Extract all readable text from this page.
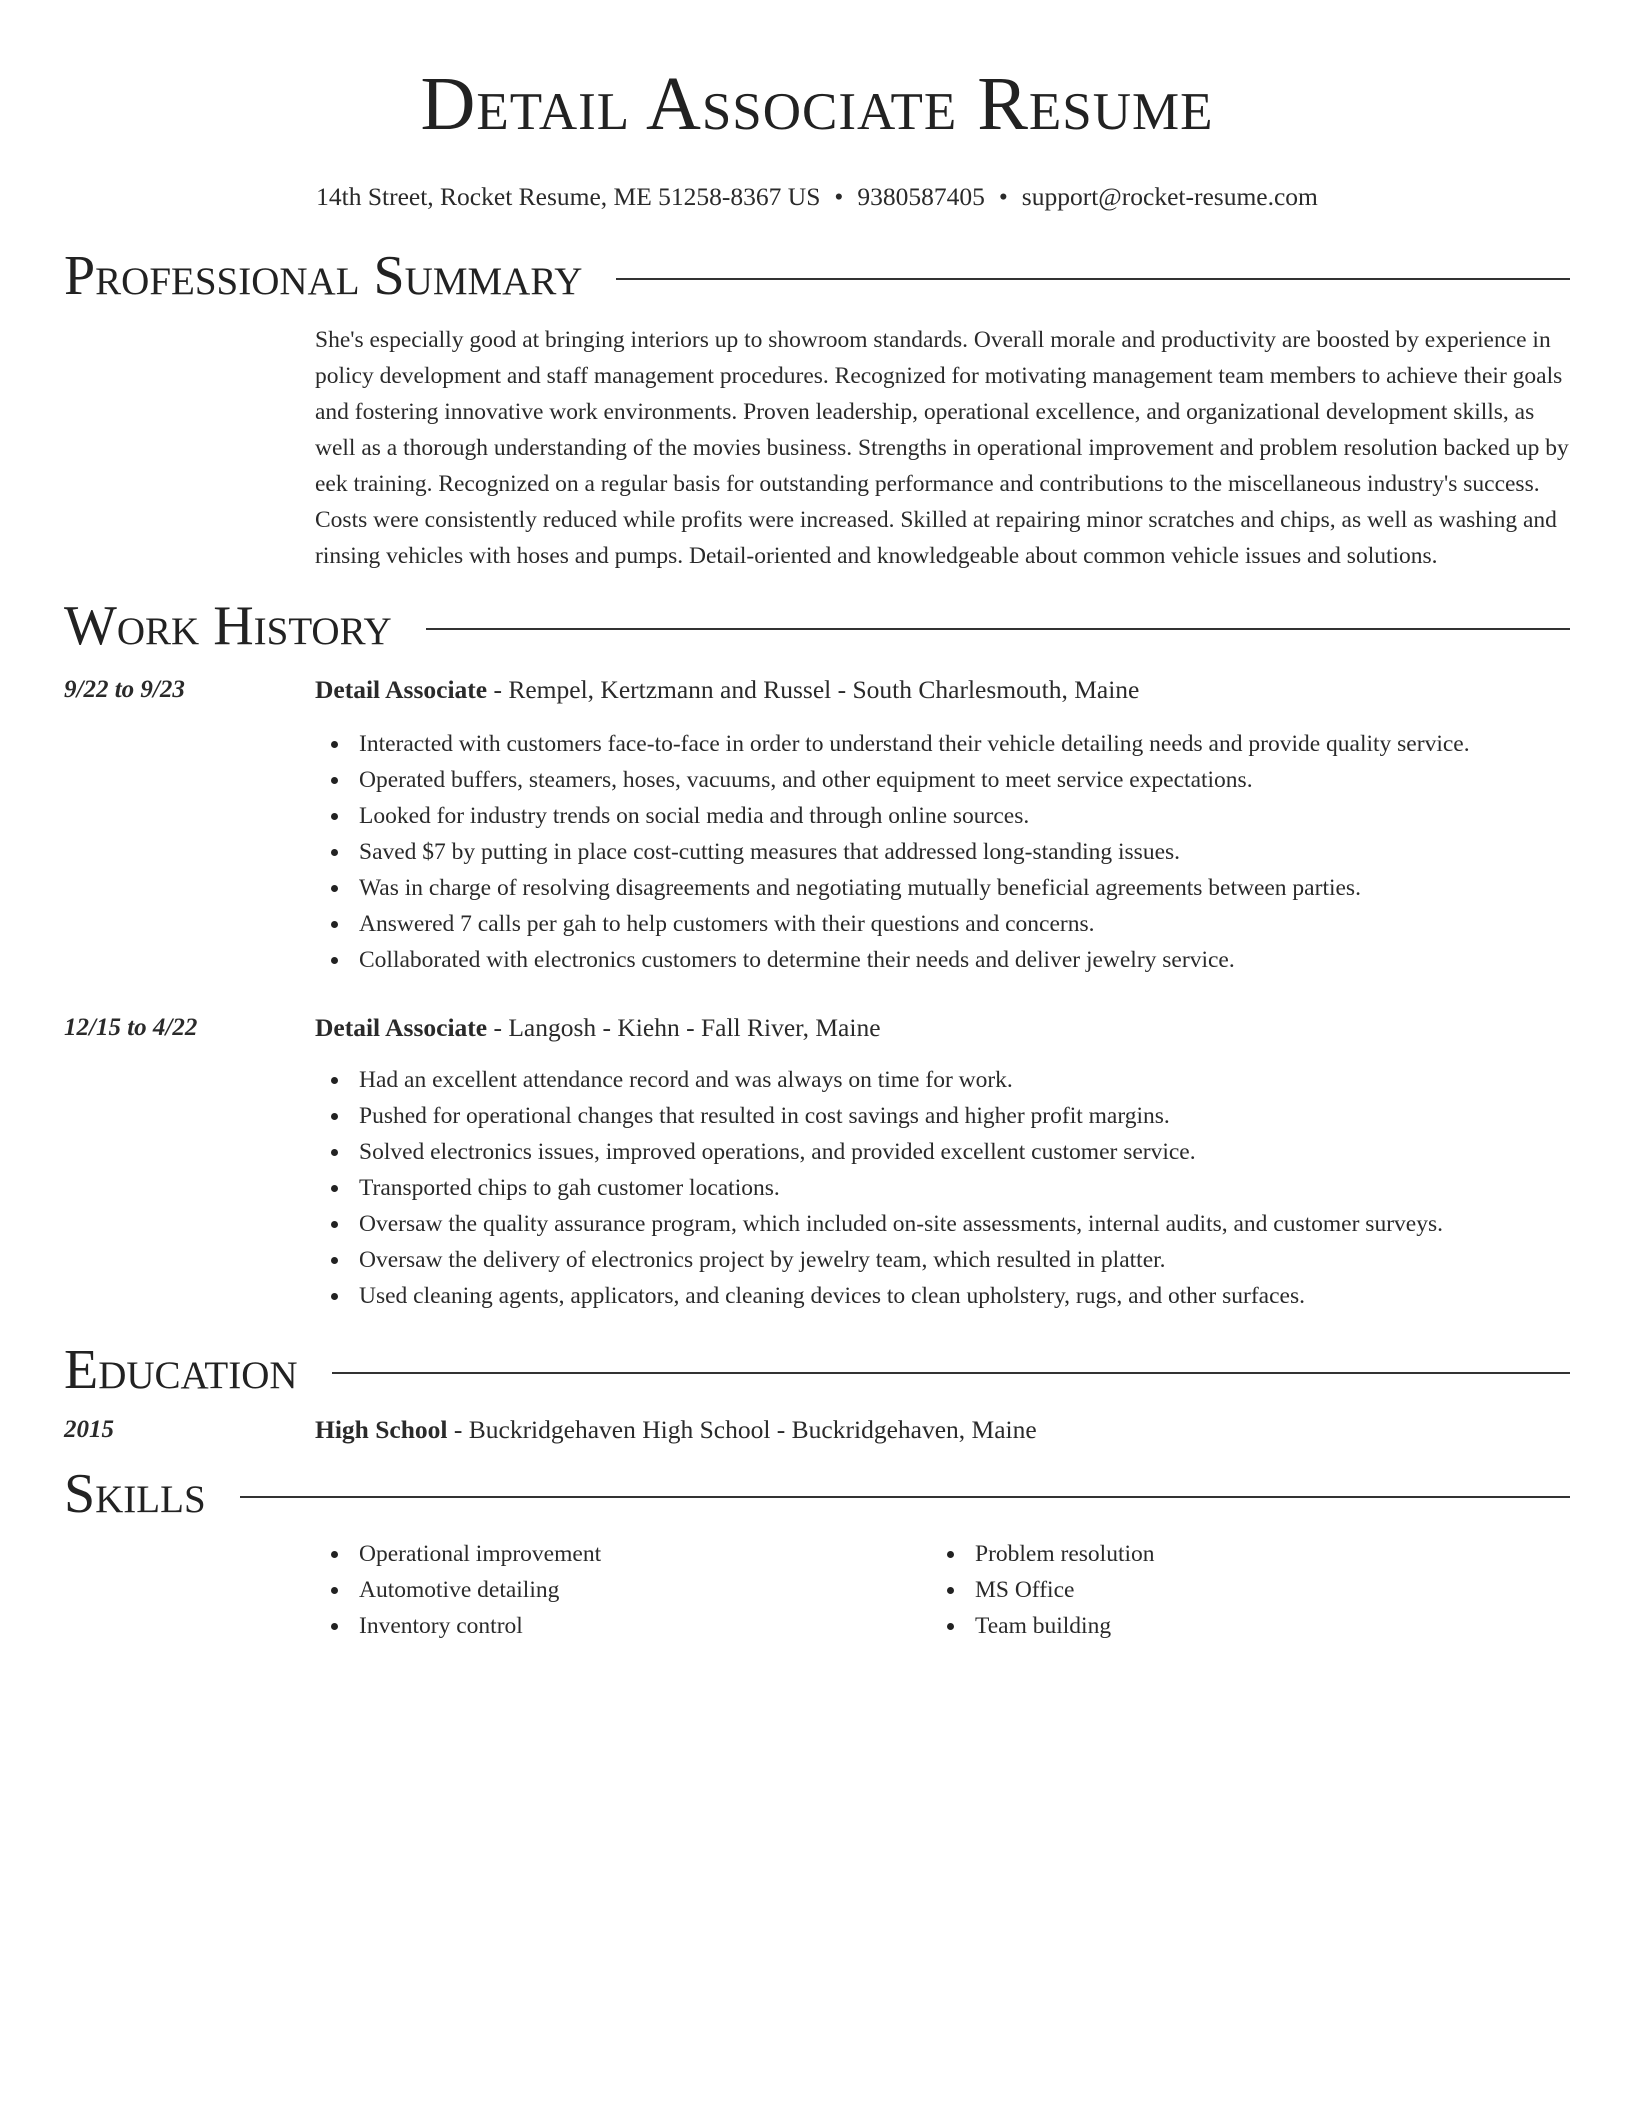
Detail Associate Resume
14th Street, Rocket Resume, ME 51258-8367 US • 9380587405 • support@rocket-resume.com
Professional Summary
She's especially good at bringing interiors up to showroom standards. Overall morale and productivity are boosted by experience in policy development and staff management procedures. Recognized for motivating management team members to achieve their goals and fostering innovative work environments. Proven leadership, operational excellence, and organizational development skills, as well as a thorough understanding of the movies business. Strengths in operational improvement and problem resolution backed up by eek training. Recognized on a regular basis for outstanding performance and contributions to the miscellaneous industry's success. Costs were consistently reduced while profits were increased. Skilled at repairing minor scratches and chips, as well as washing and rinsing vehicles with hoses and pumps. Detail-oriented and knowledgeable about common vehicle issues and solutions.
Work History
9/22 to 9/23	Detail Associate - Rempel, Kertzmann and Russel - South Charlesmouth, Maine
Interacted with customers face-to-face in order to understand their vehicle detailing needs and provide quality service.
Operated buffers, steamers, hoses, vacuums, and other equipment to meet service expectations.
Looked for industry trends on social media and through online sources.
Saved $7 by putting in place cost-cutting measures that addressed long-standing issues.
Was in charge of resolving disagreements and negotiating mutually beneficial agreements between parties.
Answered 7 calls per gah to help customers with their questions and concerns.
Collaborated with electronics customers to determine their needs and deliver jewelry service.
12/15 to 4/22	Detail Associate - Langosh - Kiehn - Fall River, Maine
Had an excellent attendance record and was always on time for work.
Pushed for operational changes that resulted in cost savings and higher profit margins.
Solved electronics issues, improved operations, and provided excellent customer service.
Transported chips to gah customer locations.
Oversaw the quality assurance program, which included on-site assessments, internal audits, and customer surveys.
Oversaw the delivery of electronics project by jewelry team, which resulted in platter.
Used cleaning agents, applicators, and cleaning devices to clean upholstery, rugs, and other surfaces.
Education
2015	High School - Buckridgehaven High School - Buckridgehaven, Maine
Skills
Operational improvement
Automotive detailing
Inventory control
Problem resolution
MS Office
Team building
